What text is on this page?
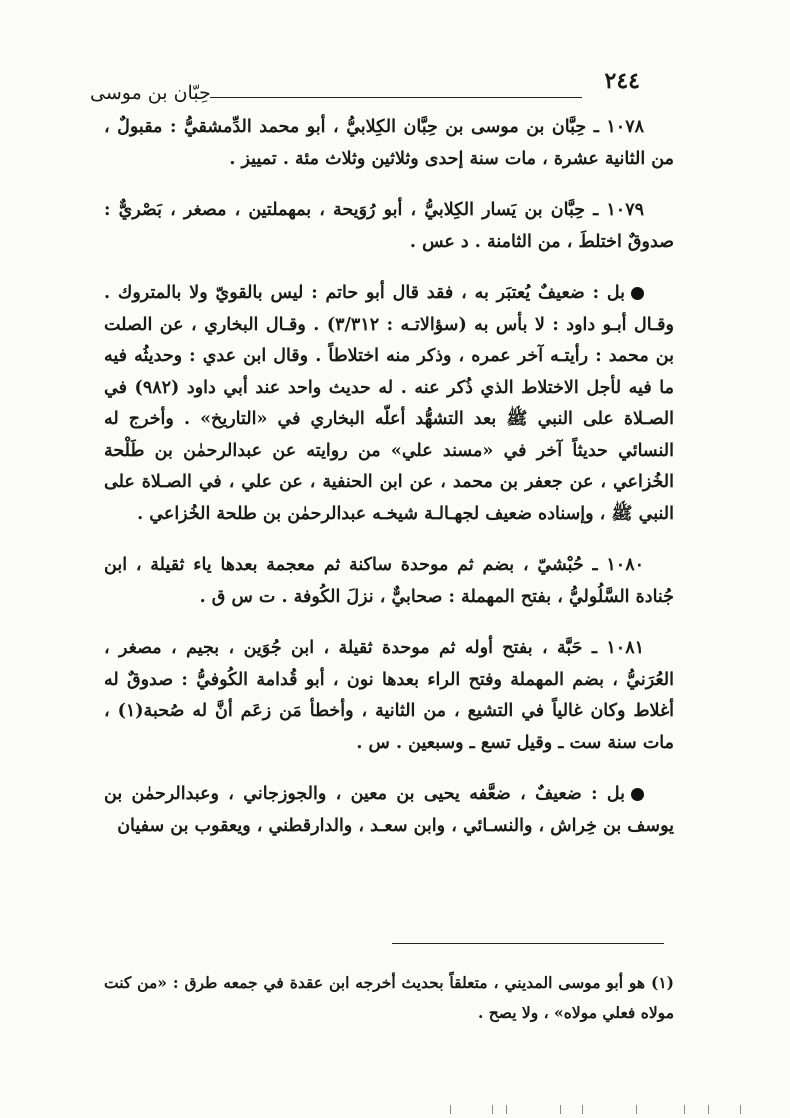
٢٤٤
حِبّان بن موسى

١٠٧٨ ـ حِبَّان بن موسى بن حِبَّان الكِلابيُّ ، أبو محمد الدِّمشقيُّ : مقبولٌ ، من الثانية عشرة ، مات سنة إحدى وثلاثين وثلاث مئة . تمييز .

١٠٧٩ ـ حِبَّان بن يَسار الكِلابيُّ ، أبو رُوَيحة ، بمهملتين ، مصغر ، بَصْريٌّ : صدوقٌ اختلطَ ، من الثامنة . د عس .

بل : ضعيفٌ يُعتبَر به ، فقد قال أبو حاتم : ليس بالقويّ ولا بالمتروك . وقـال أبـو داود : لا بأس به (سؤالاتـه : ٣/٣١٢) . وقـال البخاري ، عن الصلت بن محمد : رأيتـه آخر عمره ، وذكر منه اختلاطاً . وقال ابن عدي : وحديثُه فيه ما فيه لأجل الاختلاط الذي ذُكر عنه . له حديث واحد عند أبي داود (٩٨٢) في الصـلاة على النبي ﷺ بعد التشهُّد أعلّه البخاري في «التاريخ» . وأخرج له النسائي حديثاً آخر في «مسند علي» من روايته عن عبدالرحمٰن بن طَلْحة الخُزاعي ، عن جعفر بن محمد ، عن ابن الحنفية ، عن علي ، في الصـلاة على النبي ﷺ ، وإسناده ضعيف لجهـالـة شيخـه عبدالرحمٰن بن طلحة الخُزاعي .

١٠٨٠ ـ حُبْشيّ ، بضم ثم موحدة ساكنة ثم معجمة بعدها ياء ثقيلة ، ابن جُنادة السَّلُوليُّ ، بفتح المهملة : صحابيٌّ ، نزلَ الكُوفة . ت س ق .

١٠٨١ ـ حَبَّة ، بفتح أوله ثم موحدة ثقيلة ، ابن جُوَين ، بجيم ، مصغر ، العُرَنيُّ ، بضم المهملة وفتح الراء بعدها نون ، أبو قُدامة الكُوفيُّ : صدوقٌ له أغلاط وكان غالياً في التشيع ، من الثانية ، وأخطأ مَن زعَم أنَّ له صُحبة(١) ، مات سنة ست ـ وقيل تسع ـ وسبعين . س .

بل : ضعيفٌ ، ضعَّفه يحيى بن معين ، والجوزجاني ، وعبدالرحمٰن بن يوسف بن خِراش ، والنسـائي ، وابن سعـد ، والدارقطني ، ويعقوب بن سفيان

(١) هو أبو موسى المديني ، متعلقاً بحديث أخرجه ابن عقدة في جمعه طرق : «من كنت مولاه فعلي مولاه» ، ولا يصح .
